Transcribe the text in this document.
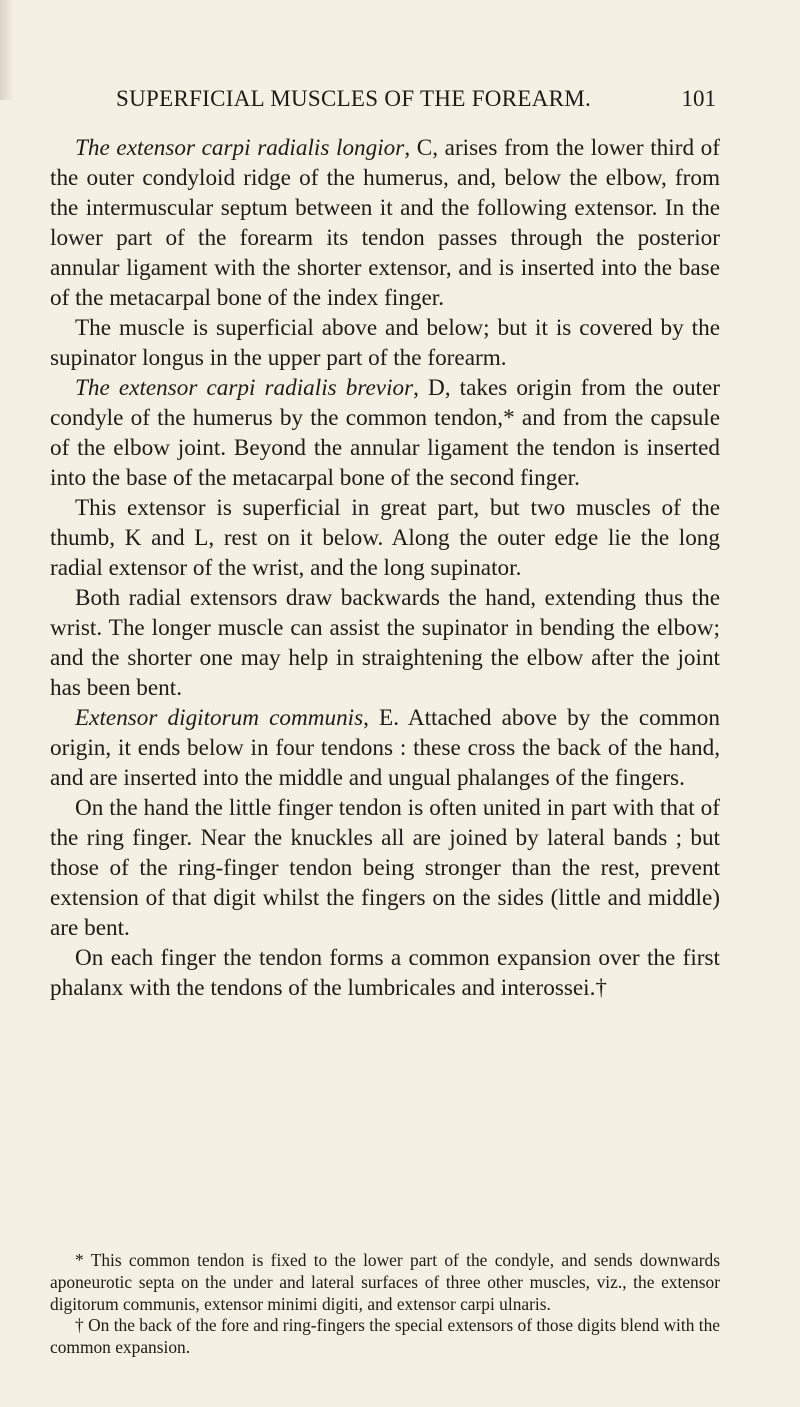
SUPERFICIAL MUSCLES OF THE FOREARM.	101

The extensor carpi radialis longior, C, arises from the lower third of the outer condyloid ridge of the humerus, and, below the elbow, from the intermuscular septum between it and the following extensor. In the lower part of the forearm its tendon passes through the posterior annular ligament with the shorter extensor, and is inserted into the base of the metacarpal bone of the index finger.

The muscle is superficial above and below; but it is covered by the supinator longus in the upper part of the forearm.

The extensor carpi radialis brevior, D, takes origin from the outer condyle of the humerus by the common tendon,* and from the capsule of the elbow joint. Beyond the annular ligament the tendon is inserted into the base of the metacarpal bone of the second finger.

This extensor is superficial in great part, but two muscles of the thumb, K and L, rest on it below. Along the outer edge lie the long radial extensor of the wrist, and the long supinator.

Both radial extensors draw backwards the hand, extending thus the wrist. The longer muscle can assist the supinator in bending the elbow; and the shorter one may help in straightening the elbow after the joint has been bent.

Extensor digitorum communis, E. Attached above by the common origin, it ends below in four tendons : these cross the back of the hand, and are inserted into the middle and ungual phalanges of the fingers.

On the hand the little finger tendon is often united in part with that of the ring finger. Near the knuckles all are joined by lateral bands ; but those of the ring-finger tendon being stronger than the rest, prevent extension of that digit whilst the fingers on the sides (little and middle) are bent.

On each finger the tendon forms a common expansion over the first phalanx with the tendons of the lumbricales and interossei.†

* This common tendon is fixed to the lower part of the condyle, and sends downwards aponeurotic septa on the under and lateral surfaces of three other muscles, viz., the extensor digitorum communis, extensor minimi digiti, and extensor carpi ulnaris.

† On the back of the fore and ring-fingers the special extensors of those digits blend with the common expansion.
